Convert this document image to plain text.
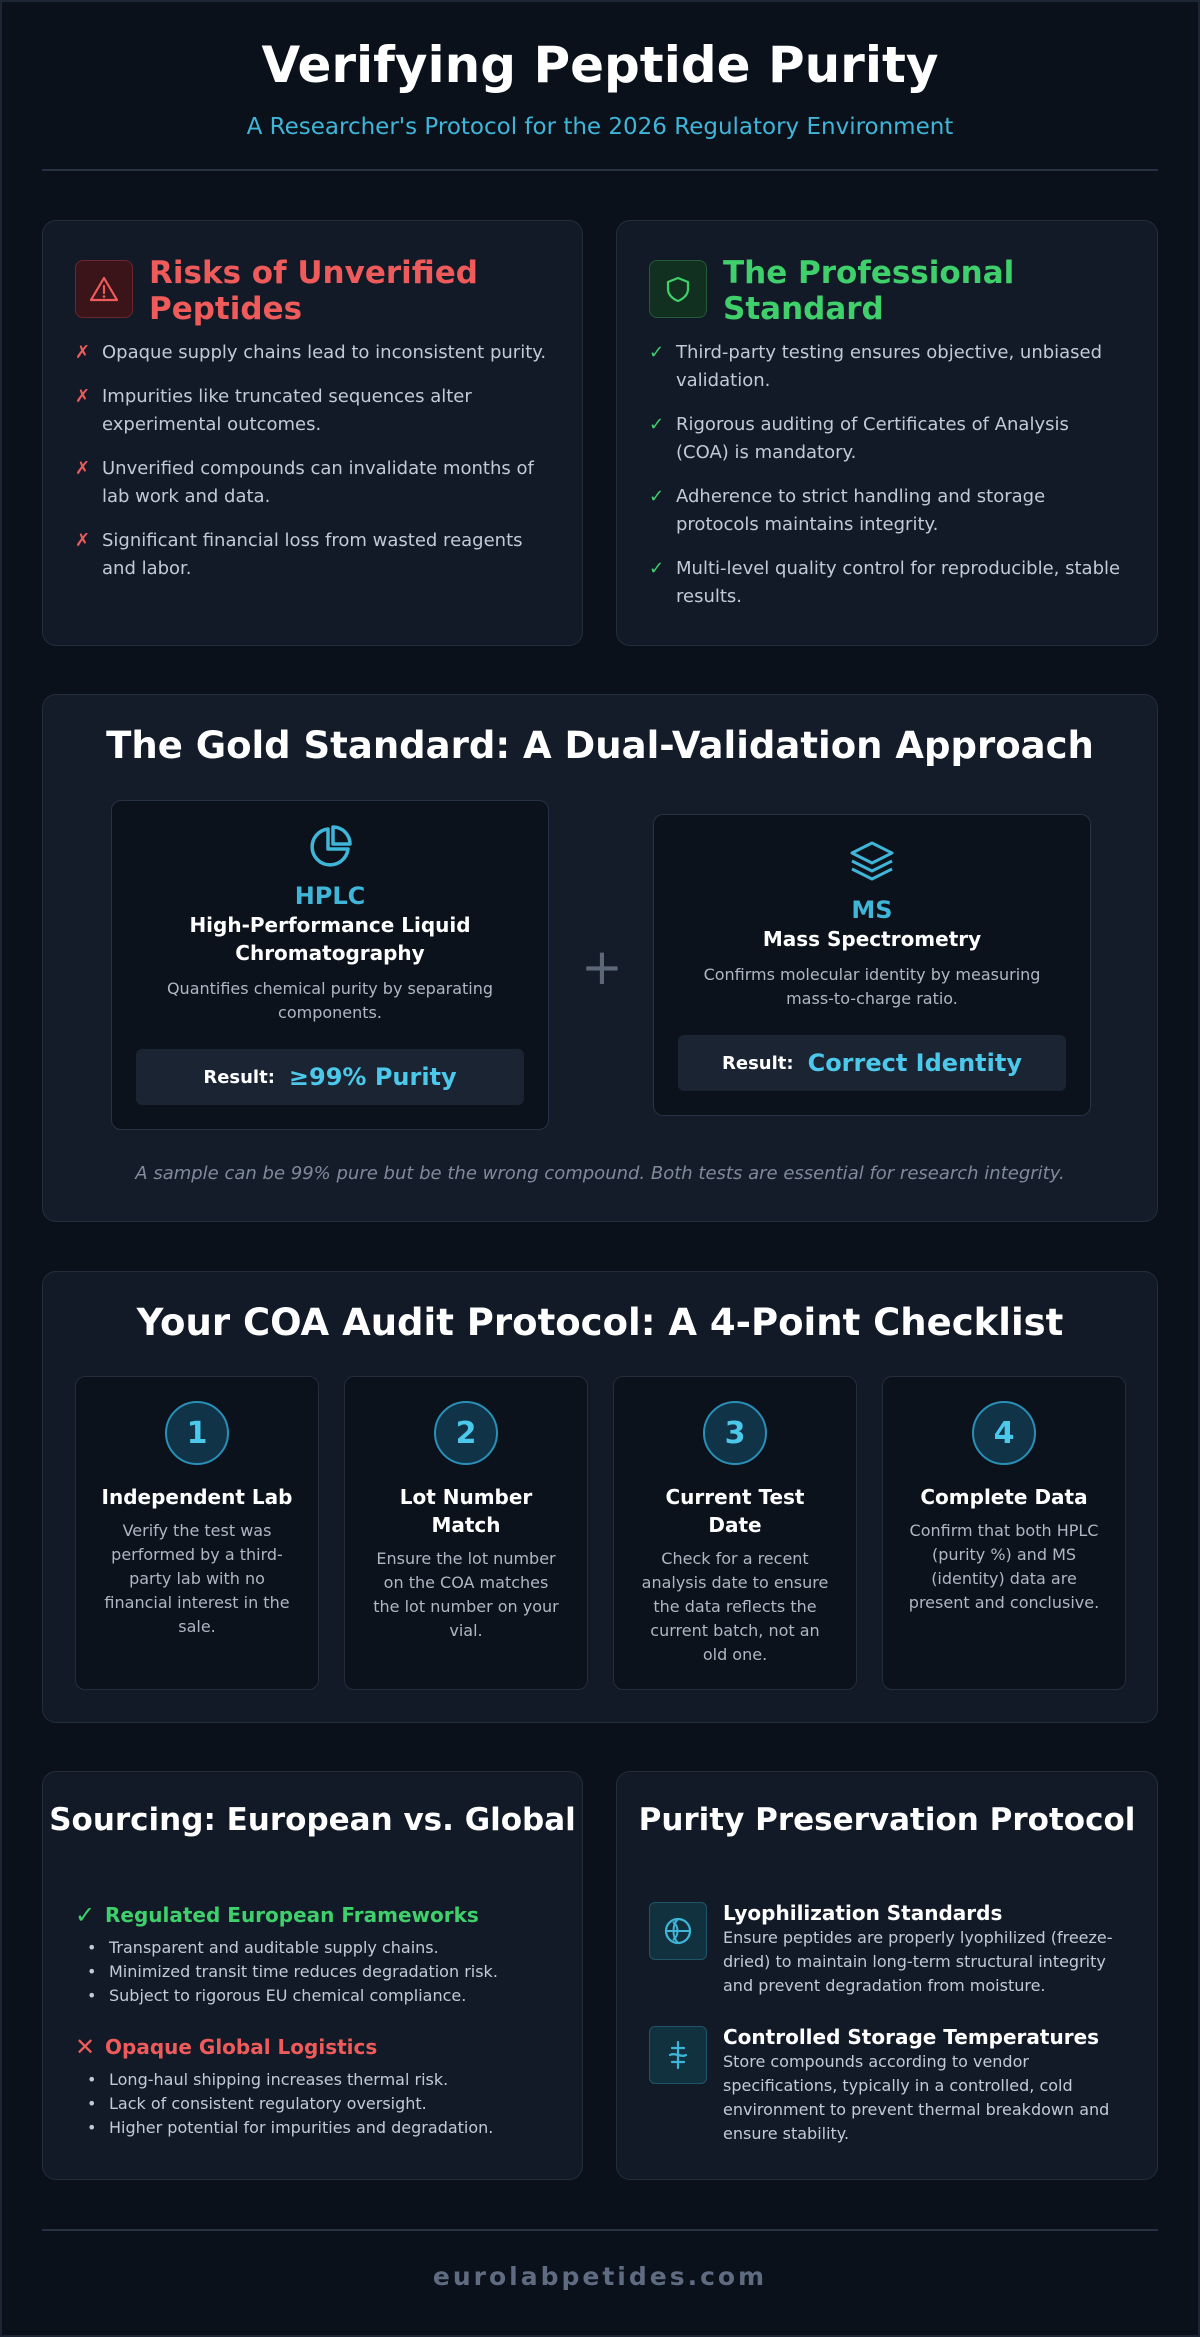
Verifying Peptide Purity
A Researcher's Protocol for the 2026 Regulatory Environment
Risks of Unverified Peptides
✗ Opaque supply chains lead to inconsistent purity.
✗ Impurities like truncated sequences alter experimental outcomes.
✗ Unverified compounds can invalidate months of lab work and data.
✗ Significant financial loss from wasted reagents and labor.
The Professional Standard
✓ Third-party testing ensures objective, unbiased validation.
✓ Rigorous auditing of Certificates of Analysis (COA) is mandatory.
✓ Adherence to strict handling and storage protocols maintains integrity.
✓ Multi-level quality control for reproducible, stable results.
The Gold Standard: A Dual-Validation Approach
HPLC
High-Performance Liquid Chromatography
Quantifies chemical purity by separating components.
Result: ≥99% Purity
+
MS
Mass Spectrometry
Confirms molecular identity by measuring mass-to-charge ratio.
Result: Correct Identity
A sample can be 99% pure but be the wrong compound. Both tests are essential for research integrity.
Your COA Audit Protocol: A 4-Point Checklist
1
Independent Lab
Verify the test was performed by a third-party lab with no financial interest in the sale.
2
Lot Number Match
Ensure the lot number on the COA matches the lot number on your vial.
3
Current Test Date
Check for a recent analysis date to ensure the data reflects the current batch, not an old one.
4
Complete Data
Confirm that both HPLC (purity %) and MS (identity) data are present and conclusive.
Sourcing: European vs. Global
✓ Regulated European Frameworks
• Transparent and auditable supply chains.
• Minimized transit time reduces degradation risk.
• Subject to rigorous EU chemical compliance.
✕ Opaque Global Logistics
• Long-haul shipping increases thermal risk.
• Lack of consistent regulatory oversight.
• Higher potential for impurities and degradation.
Purity Preservation Protocol
Lyophilization Standards
Ensure peptides are properly lyophilized (freeze-dried) to maintain long-term structural integrity and prevent degradation from moisture.
Controlled Storage Temperatures
Store compounds according to vendor specifications, typically in a controlled, cold environment to prevent thermal breakdown and ensure stability.
eurolabpetides.com
